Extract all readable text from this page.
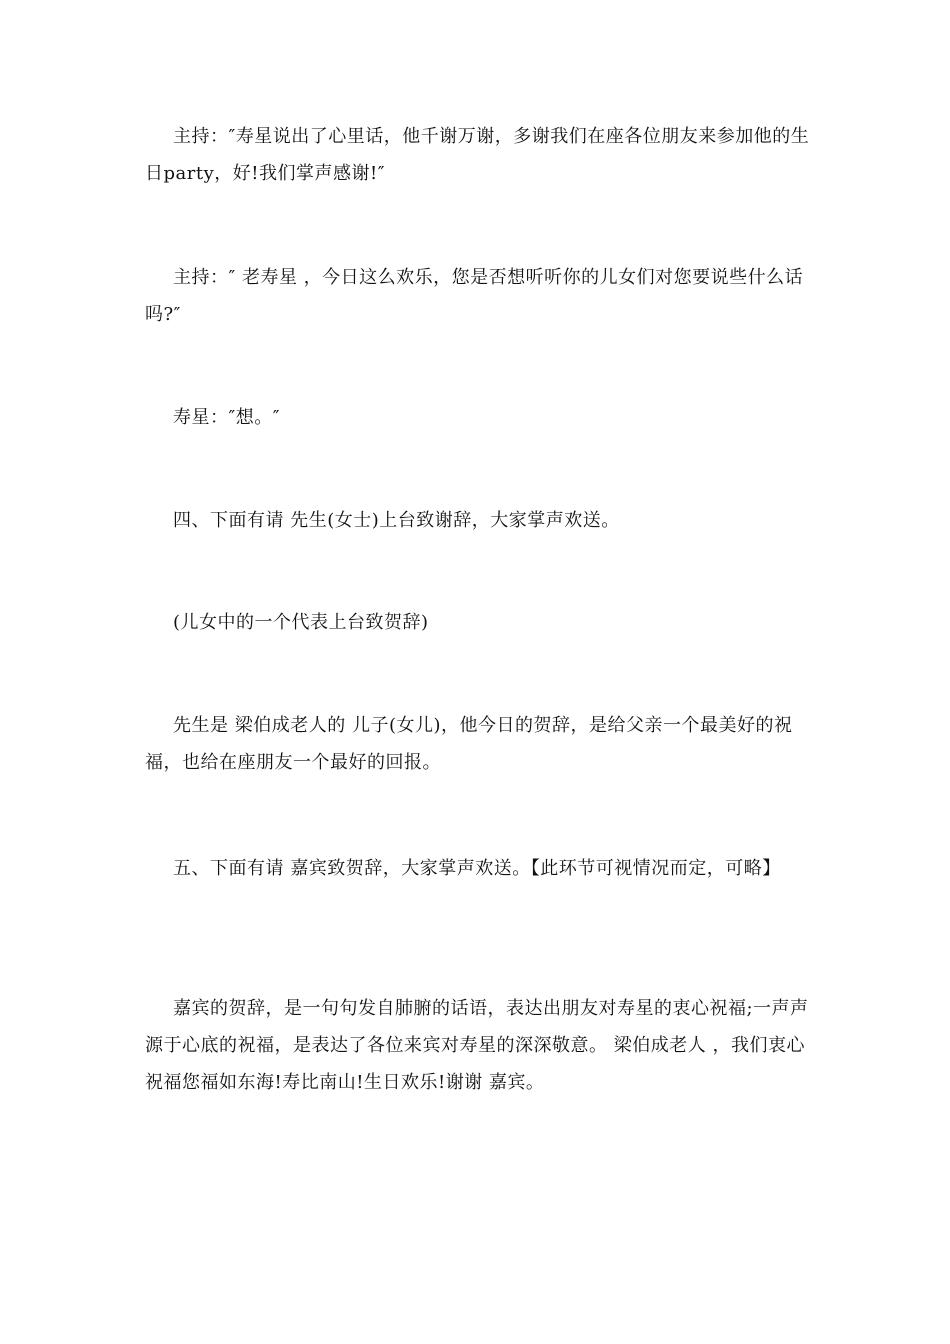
主持：″寿星说出了心里话，他千谢万谢，多谢我们在座各位朋友来参加他的生日party，好!我们掌声感谢!″

主持：″ 老寿星 ，今日这么欢乐，您是否想听听你的儿女们对您要说些什么话吗?″

寿星：″想。″

四、下面有请 先生(女士)上台致谢辞，大家掌声欢送。

(儿女中的一个代表上台致贺辞)

先生是 梁伯成老人的 儿子(女儿)，他今日的贺辞，是给父亲一个最美好的祝福，也给在座朋友一个最好的回报。

五、下面有请 嘉宾致贺辞，大家掌声欢送。【此环节可视情况而定，可略】

嘉宾的贺辞，是一句句发自肺腑的话语，表达出朋友对寿星的衷心祝福;一声声源于心底的祝福，是表达了各位来宾对寿星的深深敬意。 梁伯成老人 ，我们衷心祝福您福如东海!寿比南山!生日欢乐!谢谢 嘉宾。
